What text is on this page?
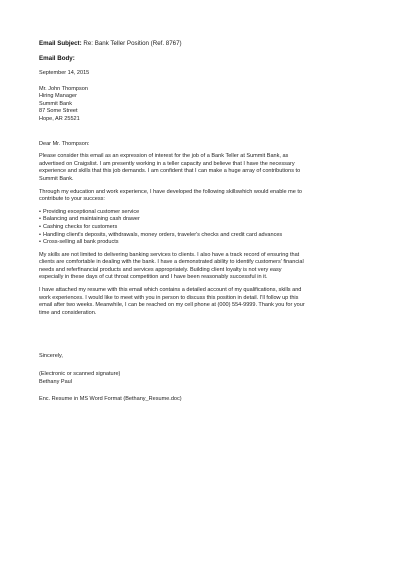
Email Subject: Re: Bank Teller Position (Ref. 8767)
Email Body:
September 14, 2015
Mr. John Thompson
Hiring Manager
Summit Bank
87 Some Street
Hope, AR 25521
Dear Mr. Thompson:

Please consider this email as an expression of interest for the job of a Bank Teller at Summit Bank, as
advertised on Craigslist. I am presently working in a teller capacity and believe that I have the necessary
experience and skills that this job demands. I am confident that I can make a huge array of contributions to
Summit Bank.

Through my education and work experience, I have developed the following skillswhich would enable me to
contribute to your success:

• Providing exceptional customer service
• Balancing and maintaining cash drawer
• Cashing checks for customers
• Handling client's deposits, withdrawals, money orders, traveler's checks and credit card advances
• Cross-selling all bank products

My skills are not limited to delivering banking services to clients. I also have a track record of ensuring that
clients are comfortable in dealing with the bank. I have a demonstrated ability to identify customers' financial
needs and referfinancial products and services appropriately. Building client loyalty is not very easy
especially in these days of cut throat competition and I have been reasonably successful in it.

I have attached my resume with this email which contains a detailed account of my qualifications, skills and
work experiences. I would like to meet with you in person to discuss this position in detail. I'll follow up this
email after two weeks. Meanwhile, I can be reached on my cell phone at (000) 554-9999. Thank you for your
time and consideration.

Sincerely,
(Electronic or scanned signature)
Bethany Paul
Enc. Resume in MS Word Format (Bethany_Resume.doc)
